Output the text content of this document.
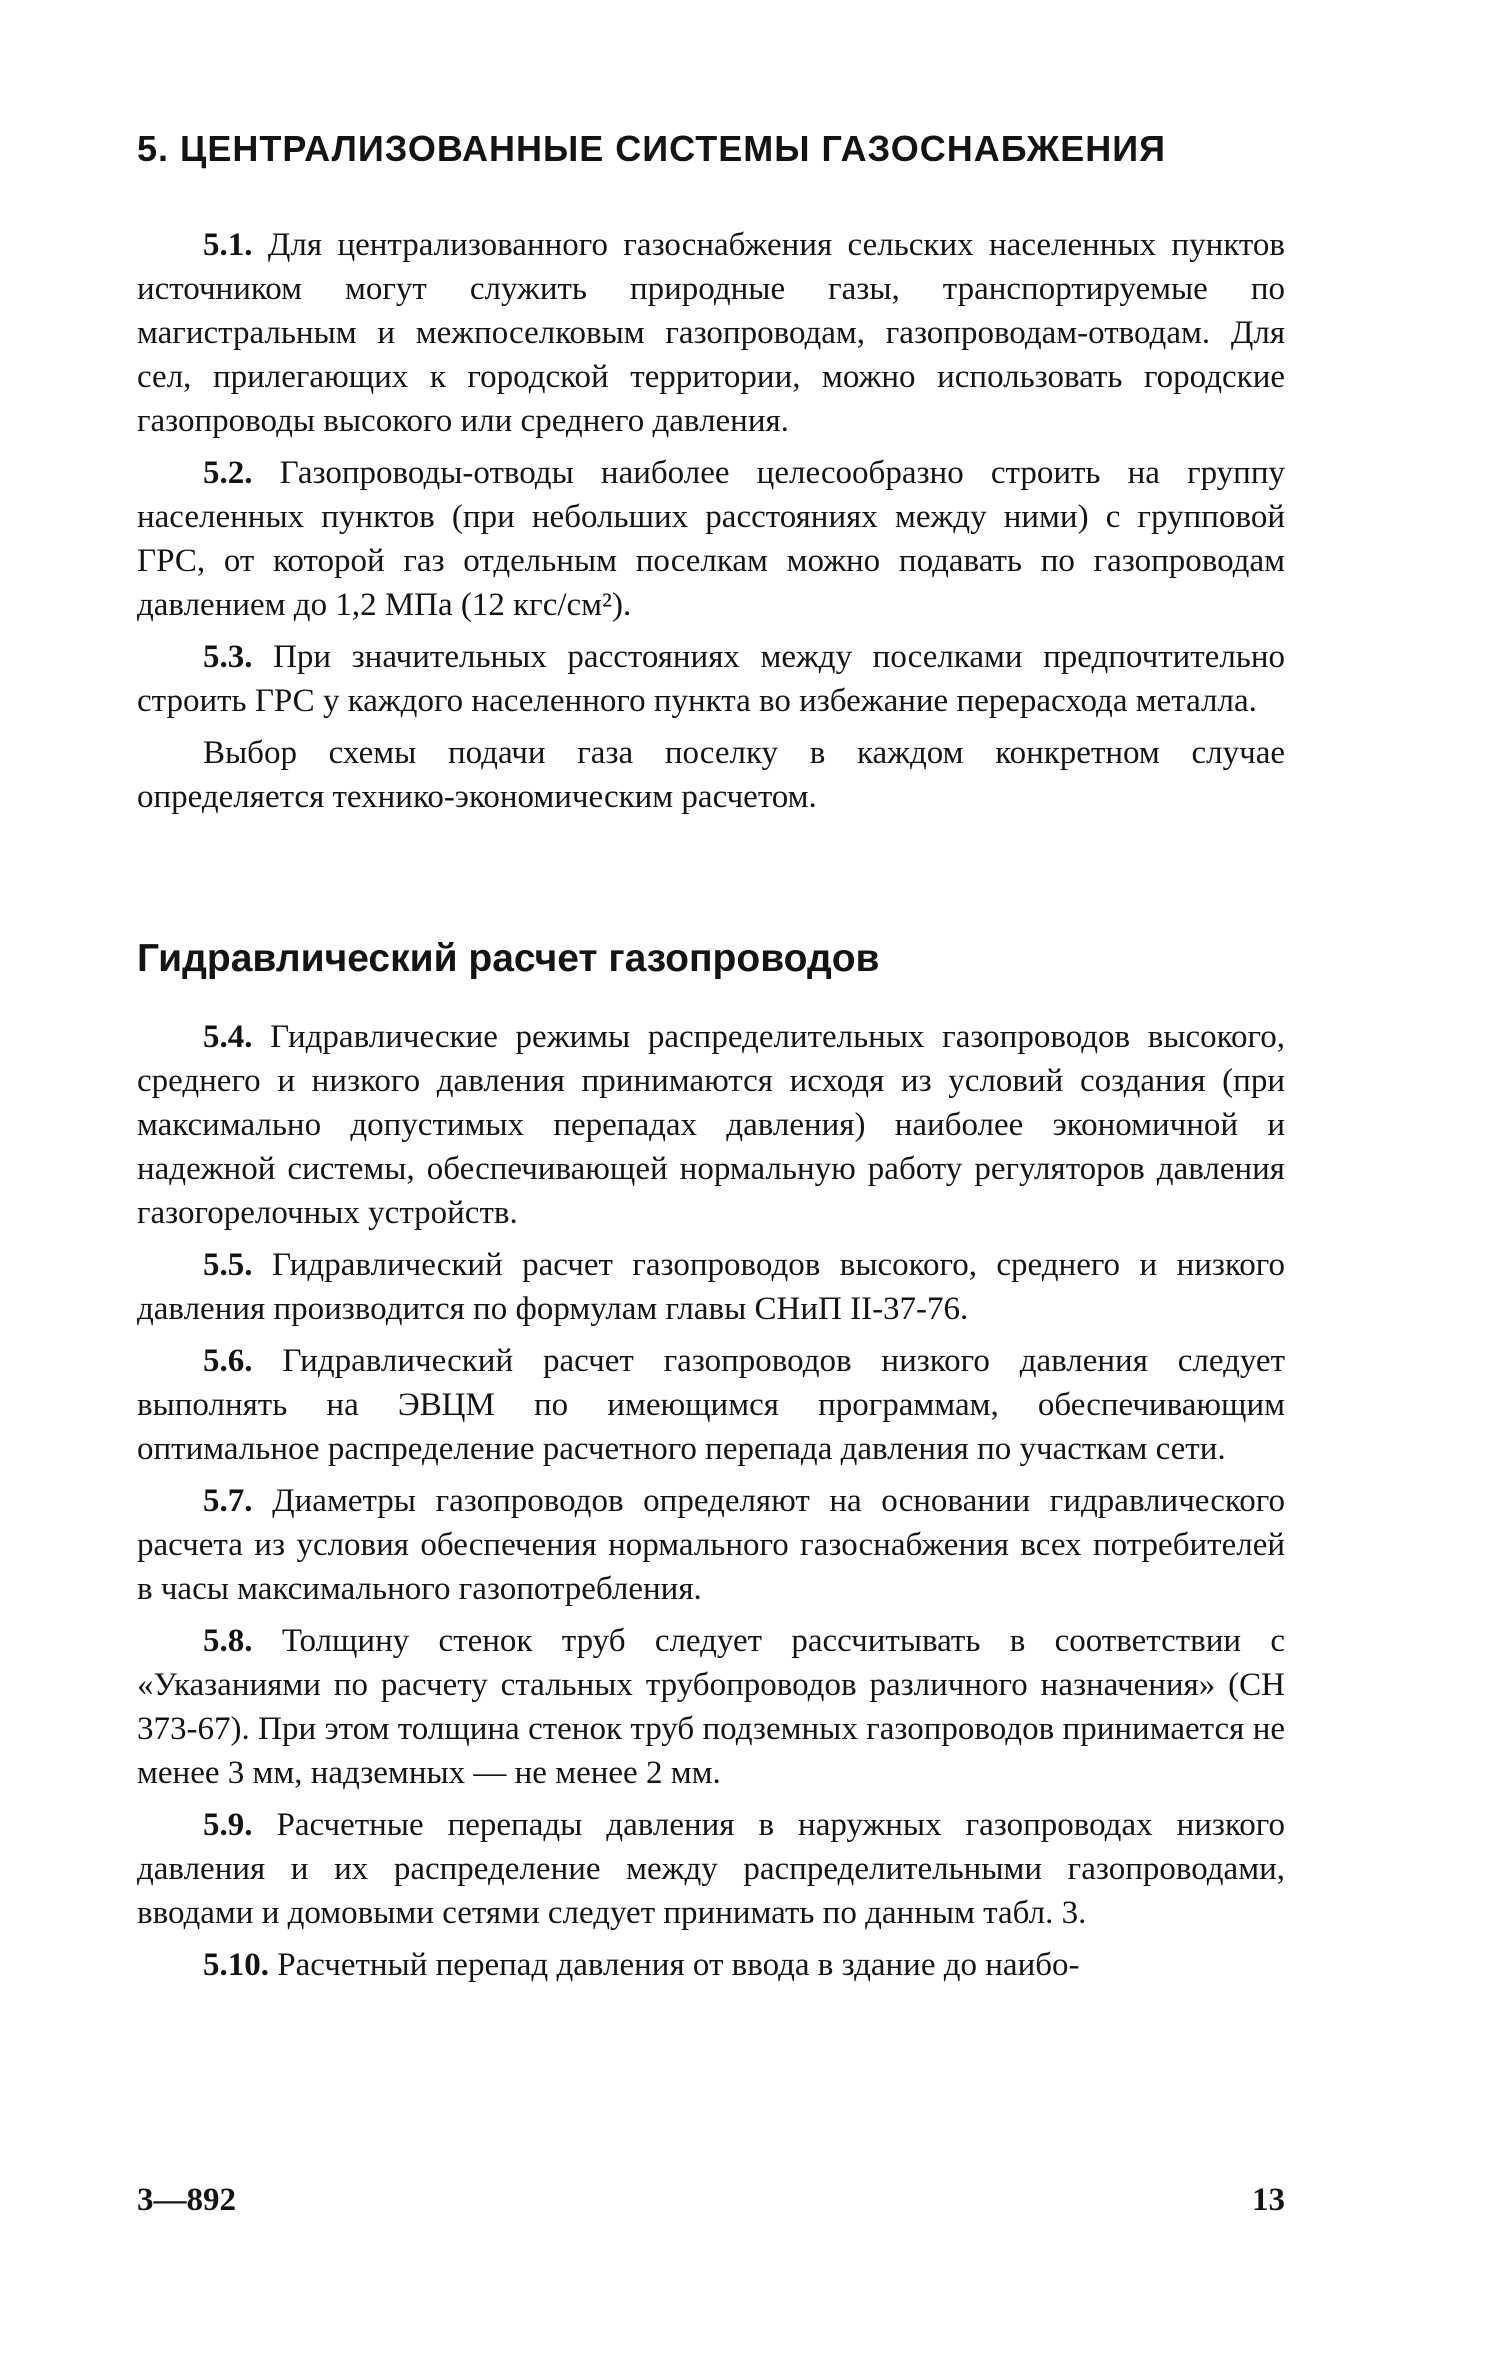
5. ЦЕНТРАЛИЗОВАННЫЕ СИСТЕМЫ ГАЗОСНАБЖЕНИЯ

5.1. Для централизованного газоснабжения сельских населенных пунктов источником могут служить природные газы, транспортируемые по магистральным и межпоселковым газопроводам, газопроводам-отводам. Для сел, прилегающих к городской территории, можно использовать городские газопроводы высокого или среднего давления.

5.2. Газопроводы-отводы наиболее целесообразно строить на группу населенных пунктов (при небольших расстояниях между ними) с групповой ГРС, от которой газ отдельным поселкам можно подавать по газопроводам давлением до 1,2 МПа (12 кгс/см²).

5.3. При значительных расстояниях между поселками предпочтительно строить ГРС у каждого населенного пункта во избежание перерасхода металла.

Выбор схемы подачи газа поселку в каждом конкретном случае определяется технико-экономическим расчетом.

Гидравлический расчет газопроводов

5.4. Гидравлические режимы распределительных газопроводов высокого, среднего и низкого давления принимаются исходя из условий создания (при максимально допустимых перепадах давления) наиболее экономичной и надежной системы, обеспечивающей нормальную работу регуляторов давления газогорелочных устройств.

5.5. Гидравлический расчет газопроводов высокого, среднего и низкого давления производится по формулам главы СНиП II-37-76.

5.6. Гидравлический расчет газопроводов низкого давления следует выполнять на ЭВЦМ по имеющимся программам, обеспечивающим оптимальное распределение расчетного перепада давления по участкам сети.

5.7. Диаметры газопроводов определяют на основании гидравлического расчета из условия обеспечения нормального газоснабжения всех потребителей в часы максимального газопотребления.

5.8. Толщину стенок труб следует рассчитывать в соответствии с «Указаниями по расчету стальных трубопроводов различного назначения» (СН 373-67). При этом толщина стенок труб подземных газопроводов принимается не менее 3 мм, надземных — не менее 2 мм.

5.9. Расчетные перепады давления в наружных газопроводах низкого давления и их распределение между распределительными газопроводами, вводами и домовыми сетями следует принимать по данным табл. 3.

5.10. Расчетный перепад давления от ввода в здание до наибо-

3—892	13
